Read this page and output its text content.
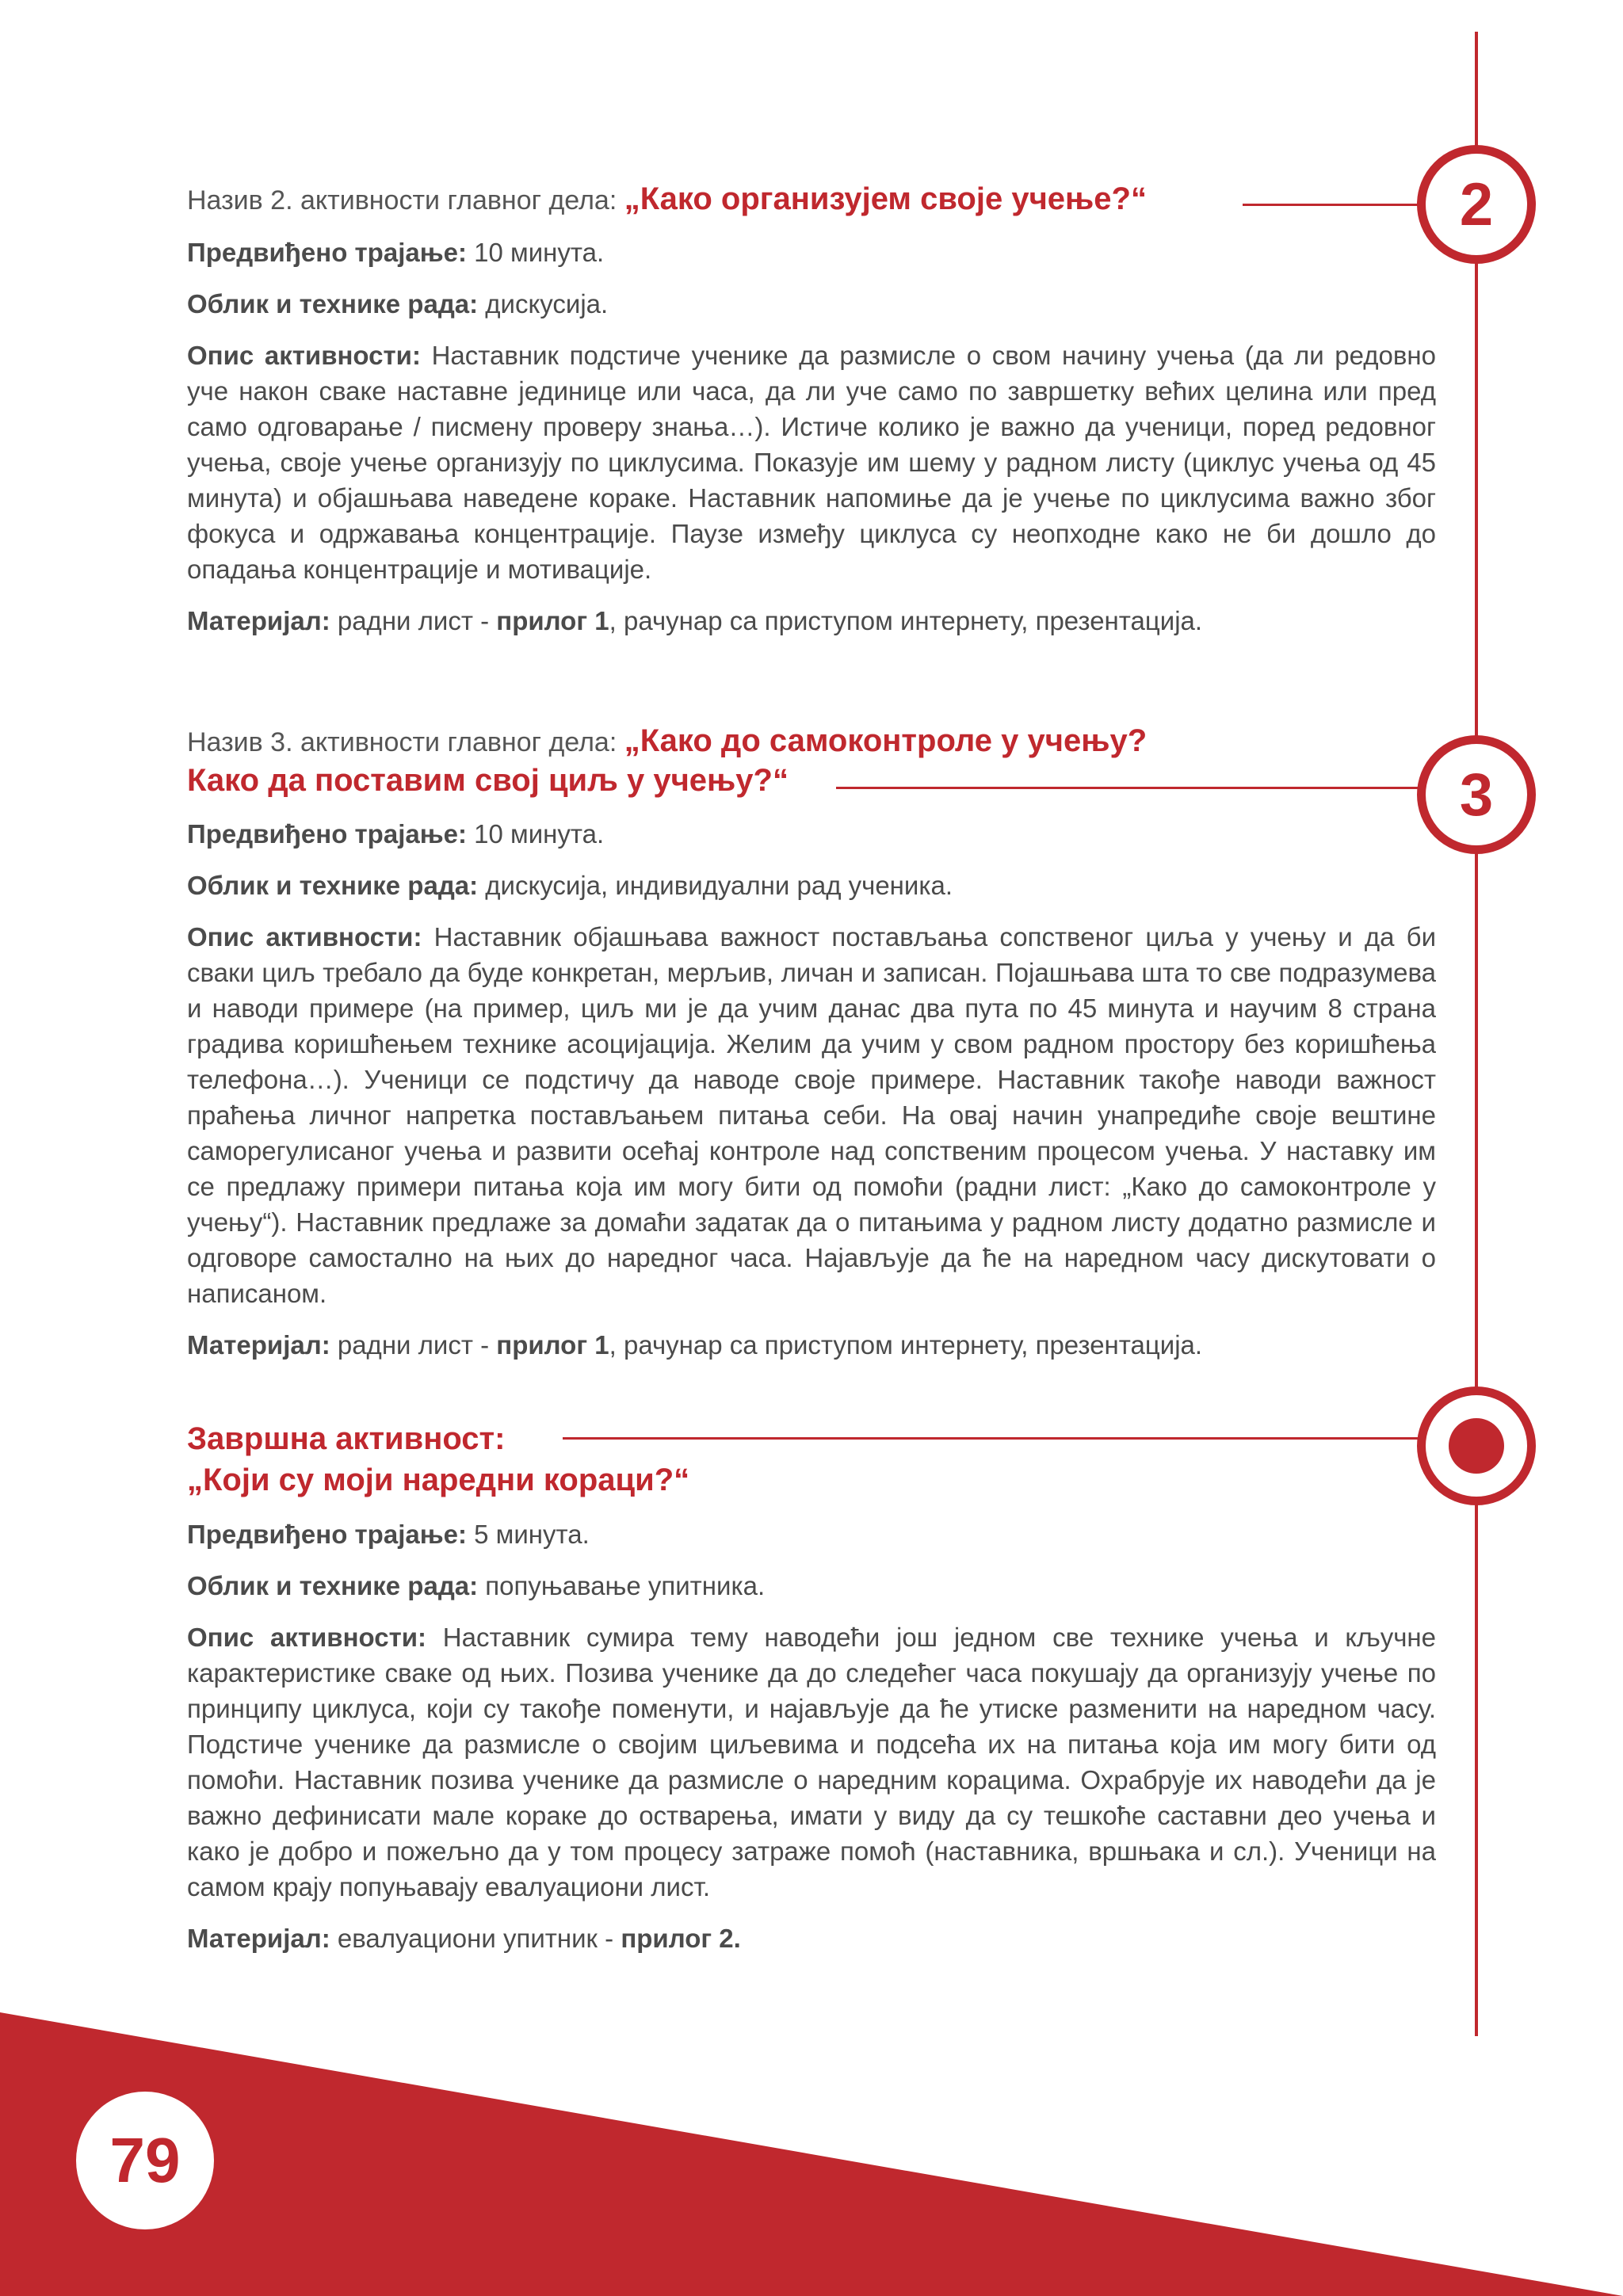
2
3

Назив 2. активности главног дела: „Како организујем своје учење?“

Предвиђено трајање: 10 минута.

Облик и технике рада: дискусија.

Опис активности: Наставник подстиче ученике да размисле о свом начину учења (да ли редовно уче након сваке наставне јединице или часа, да ли уче само по завршетку већих целина или пред само одговарање / писмену проверу знања…). Истиче колико је важно да ученици, поред редовног учења, своје учење организују по циклусима. Показује им шему у радном листу (циклус учења од 45 минута) и објашњава наведене кораке. Наставник напомиње да је учење по циклусима важно због фокуса и одржавања концентрације. Паузе између циклуса су неопходне како не би дошло до опадања концентрације и мотивације.

Материјал: радни лист - прилог 1, рачунар са приступом интернету, презентација.

Назив 3. активности главног дела: „Како до самоконтроле у учењу?

Како да поставим свој циљ у учењу?“

Предвиђено трајање: 10 минута.

Облик и технике рада: дискусија, индивидуални рад ученика.

Опис активности: Наставник објашњава важност постављања сопственог циља у учењу и да би сваки циљ требало да буде конкретан, мерљив, личан и записан. Појашњава шта то све подразумева и наводи примере (на пример, циљ ми је да учим данас два пута по 45 минута и научим 8 страна градива коришћењем технике асоцијација. Желим да учим у свом радном простору без коришћења телефона…). Ученици се подстичу да наводе своје примере. Наставник такође наводи важност праћења личног напретка постављањем питања себи. На овај начин унапредиће своје вештине саморегулисаног учења и развити осећај контроле над сопственим процесом учења. У наставку им се предлажу примери питања која им могу бити од помоћи (радни лист: „Како до самоконтроле у учењу“). Наставник предлаже за домаћи задатак да о питањима у радном листу додатно размисле и одговоре самостално на њих до наредног часа. Најављује да ће на наредном часу дискутовати о написаном.

Материјал: радни лист - прилог 1, рачунар са приступом интернету, презентација.

Завршна активност:

„Који су моји наредни кораци?“

Предвиђено трајање: 5 минута.

Облик и технике рада: попуњавање упитника.

Опис активности: Наставник сумира тему наводећи још једном све технике учења и кључне карактеристике сваке од њих. Позива ученике да до следећег часа покушају да организују учење по принципу циклуса, који су такође поменути, и најављује да ће утиске разменити на наредном часу. Подстиче ученике да размисле о својим циљевима и подсећа их на питања која им могу бити од помоћи. Наставник позива ученике да размисле о наредним корацима. Охрабрује их наводећи да је важно дефинисати мале кораке до остварења, имати у виду да су тешкоће саставни део учења и како је добро и пожељно да у том процесу затраже помоћ (наставника, вршњака и сл.). Ученици на самом крају попуњавају евалуациони лист.

Материјал: евалуациони упитник - прилог 2.

79
